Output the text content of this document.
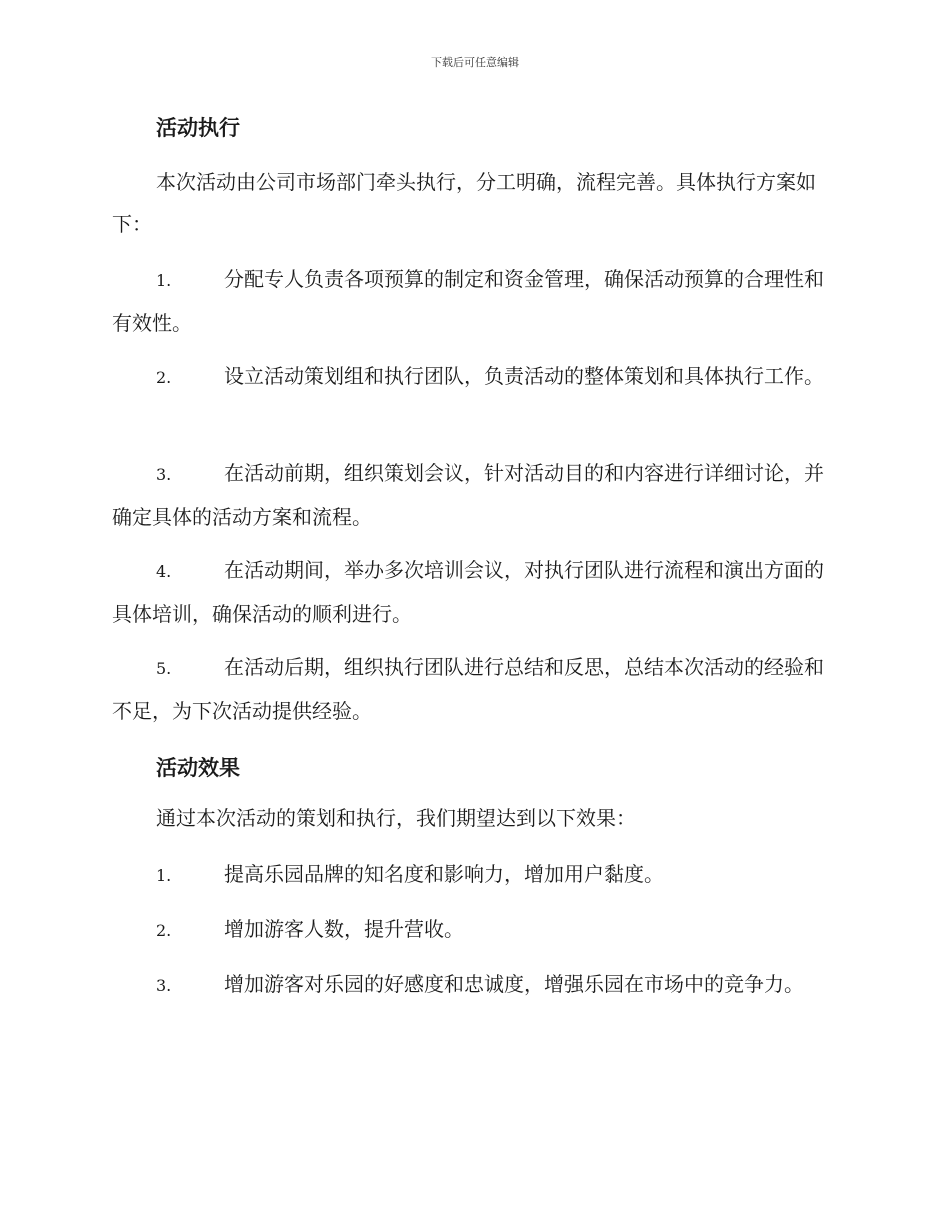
下载后可任意编辑
活动执行
本次活动由公司市场部门牵头执行，分工明确，流程完善。具体执行方案如下：
1.	分配专人负责各项预算的制定和资金管理，确保活动预算的合理性和有效性。
2.	设立活动策划组和执行团队，负责活动的整体策划和具体执行工作。
3.	在活动前期，组织策划会议，针对活动目的和内容进行详细讨论，并确定具体的活动方案和流程。
4.	在活动期间，举办多次培训会议，对执行团队进行流程和演出方面的具体培训，确保活动的顺利进行。
5.	在活动后期，组织执行团队进行总结和反思，总结本次活动的经验和不足，为下次活动提供经验。
活动效果
通过本次活动的策划和执行，我们期望达到以下效果：
1.	提高乐园品牌的知名度和影响力，增加用户黏度。
2.	增加游客人数，提升营收。
3.	增加游客对乐园的好感度和忠诚度，增强乐园在市场中的竞争力。
